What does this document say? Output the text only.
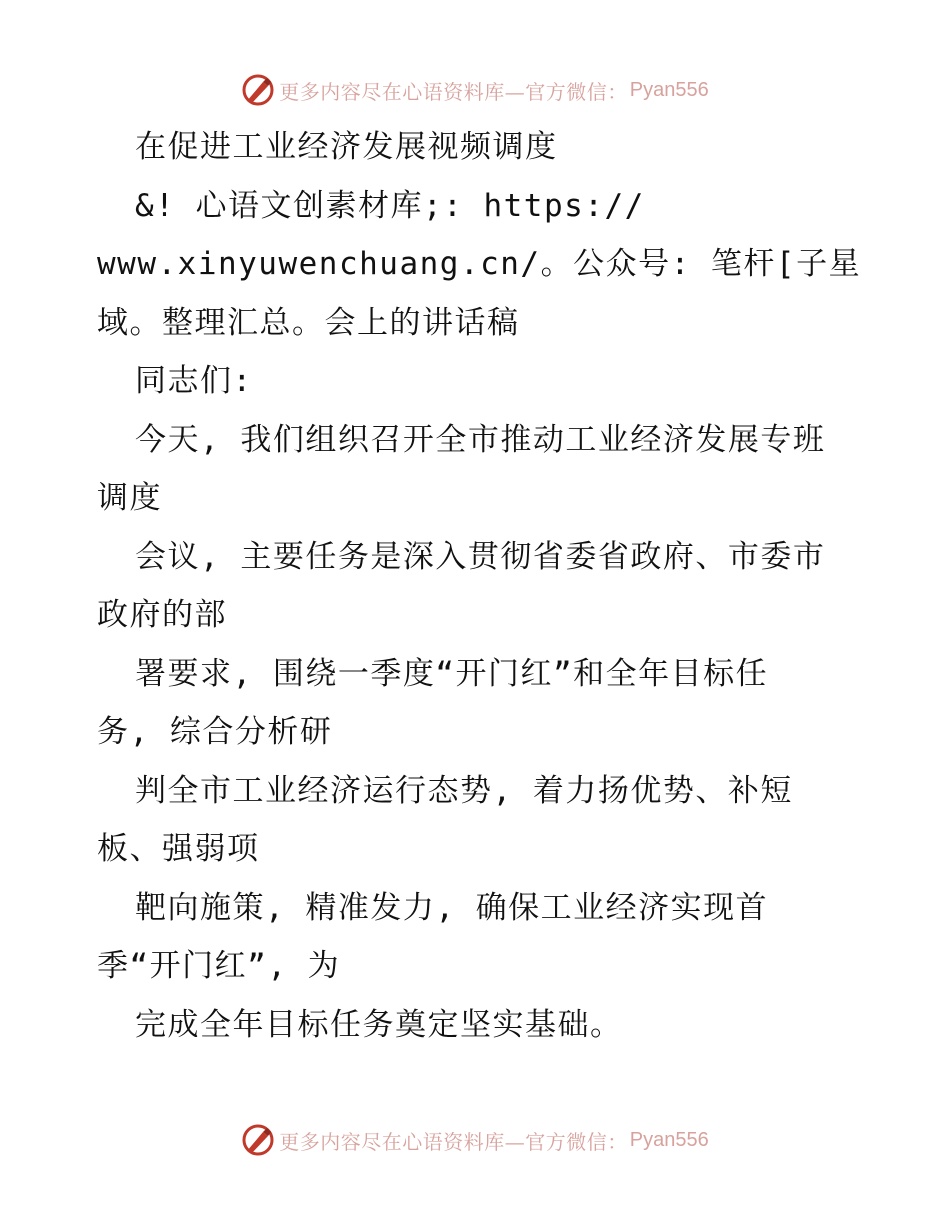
更多内容尽在心语资料库—官方微信： Pyan556
在促进工业经济发展视频调度
&! 心语文创素材库;: https://
www.xinyuwenchuang.cn/。公众号: 笔杆[子星
域。整理汇总。会上的讲话稿
同志们:
今天, 我们组织召开全市推动工业经济发展专班
调度
会议, 主要任务是深入贯彻省委省政府、市委市
政府的部
署要求, 围绕一季度“开门红”和全年目标任
务, 综合分析研
判全市工业经济运行态势, 着力扬优势、补短
板、强弱项
靶向施策, 精准发力, 确保工业经济实现首
季“开门红”, 为
完成全年目标任务奠定坚实基础。
更多内容尽在心语资料库—官方微信： Pyan556
